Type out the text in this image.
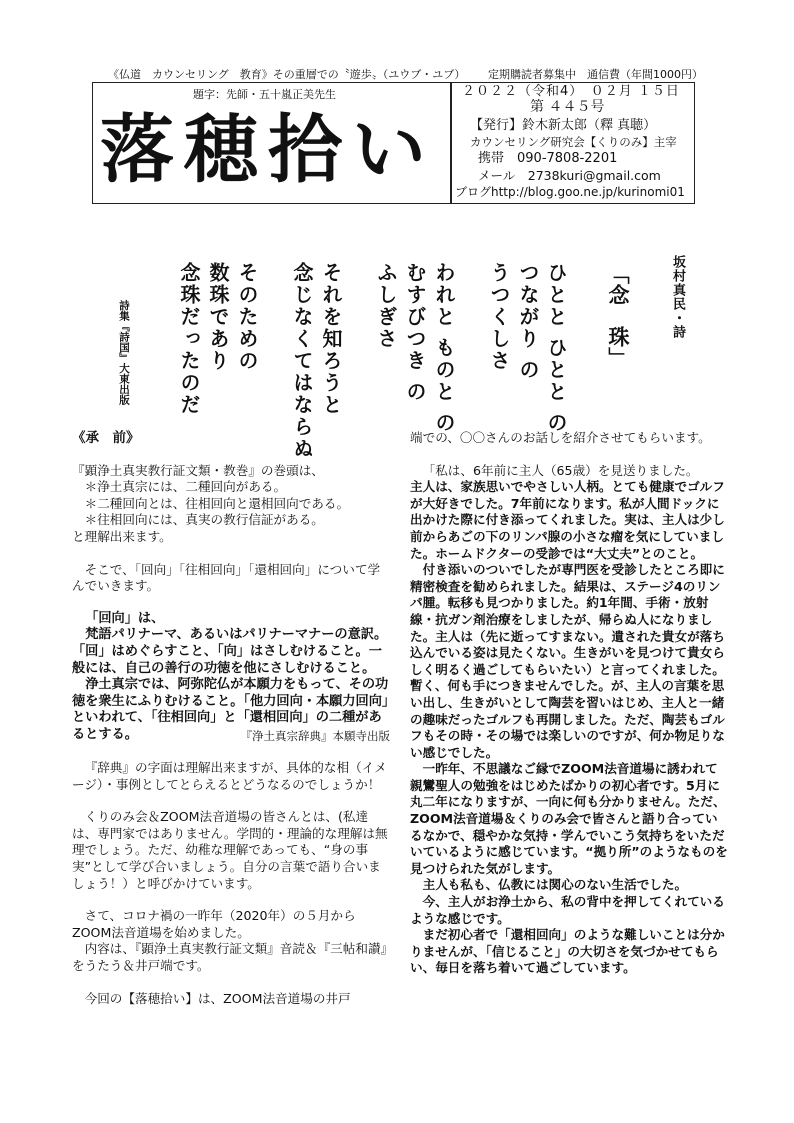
《仏道　カウンセリング　教育》その重層での〝遊歩〟（ユウブ・ユブ） 定期購読者募集中　通信費（年間1000円）
題字：先師・五十嵐正美先生
落穂拾い
２０２２（令和4）　０２月 １５日
第 ４４５号
【発行】鈴木新太郎（釋 真聴）
カウンセリング研究会【くりのみ】主宰
携帯　090-7808-2201
メール　2738kuri@gmail.com
ブログhttp://blog.goo.ne.jp/kurinomi01
坂村真民・詩
「念　珠」
ひとと ひとと の
つながり の
うつくしさ
われと ものと の
むすびつき の
ふしぎさ
それを知ろうと
念じなくてはならぬ
そのための
数珠であり
念珠だったのだ
詩集『詩国』大東出版

《承　前》

『顕浄土真実教行証文類・教巻』の巻頭は、

＊浄土真宗には、二種回向がある。

＊二種回向とは、往相回向と還相回向である。

＊往相回向には、真実の教行信証がある。

と理解出来ます。

そこで、「回向」「往相回向」「還相回向」について学んでいきます。

「回向」は、

梵語パリナーマ、あるいはパリナーマナーの意訳。「回」はめぐらすこと、「向」はさしむけること。一般には、自己の善行の功徳を他にさしむけること。

浄土真宗では、阿弥陀仏が本願力をもって、その功徳を衆生にふりむけること。「他力回向・本願力回向」といわれて、「往相回向」と「還相回向」の二種があるとする。	『浄土真宗辞典』本願寺出版

『辞典』の字面は理解出来ますが、具体的な相（イメージ）・事例としてとらえるとどうなるのでしょうか！

くりのみ会＆ZOOM法音道場の皆さんとは、(私達は、専門家ではありません。学問的・理論的な理解は無理でしょう。ただ、幼稚な理解であっても、“身の事実”として学び合いましょう。自分の言葉で語り合いましょう！）と呼びかけています。

さて、コロナ禍の一昨年（2020年）の５月からZOOM法音道場を始めました。

内容は、『顕浄土真実教行証文類』音読＆『三帖和讃』をうたう＆井戸端です。

今回の【落穂拾い】は、ZOOM法音道場の井戸

端での、〇〇さんのお話しを紹介させてもらいます。

「私は、6年前に主人（65歳）を見送りました。

主人は、家族思いでやさしい人柄。とても健康でゴルフが大好きでした。7年前になります。私が人間ドックに出かけた際に付き添ってくれました。実は、主人は少し前からあごの下のリンパ腺の小さな瘤を気にしていました。ホームドクターの受診では“大丈夫”とのこと。

付き添いのついでしたが専門医を受診したところ即に精密検査を勧められました。結果は、ステージ4のリンパ腫。転移も見つかりました。約1年間、手術・放射線・抗ガン剤治療をしましたが、帰らぬ人になりました。主人は（先に逝ってすまない。遺された貴女が落ち込んでいる姿は見たくない。生きがいを見つけて貴女らしく明るく過ごしてもらいたい）と言ってくれました。暫く、何も手につきませんでした。が、主人の言葉を思い出し、生きがいとして陶芸を習いはじめ、主人と一緒の趣味だったゴルフも再開しました。ただ、陶芸もゴルフもその時・その場では楽しいのですが、何か物足りない感じでした。

一昨年、不思議なご縁でZOOM法音道場に誘われて親鸞聖人の勉強をはじめたばかりの初心者です。5月に丸二年になりますが、一向に何も分かりません。ただ、ZOOM法音道場＆くりのみ会で皆さんと語り合っているなかで、穏やかな気持・学んでいこう気持ちをいただいているように感じています。“拠り所”のようなものを見つけられた気がします。

主人も私も、仏教には関心のない生活でした。

今、主人がお浄土から、私の背中を押してくれているような感じです。

まだ初心者で「還相回向」のような難しいことは分かりませんが、「信じること」の大切さを気づかせてもらい、毎日を落ち着いて過ごしています。
